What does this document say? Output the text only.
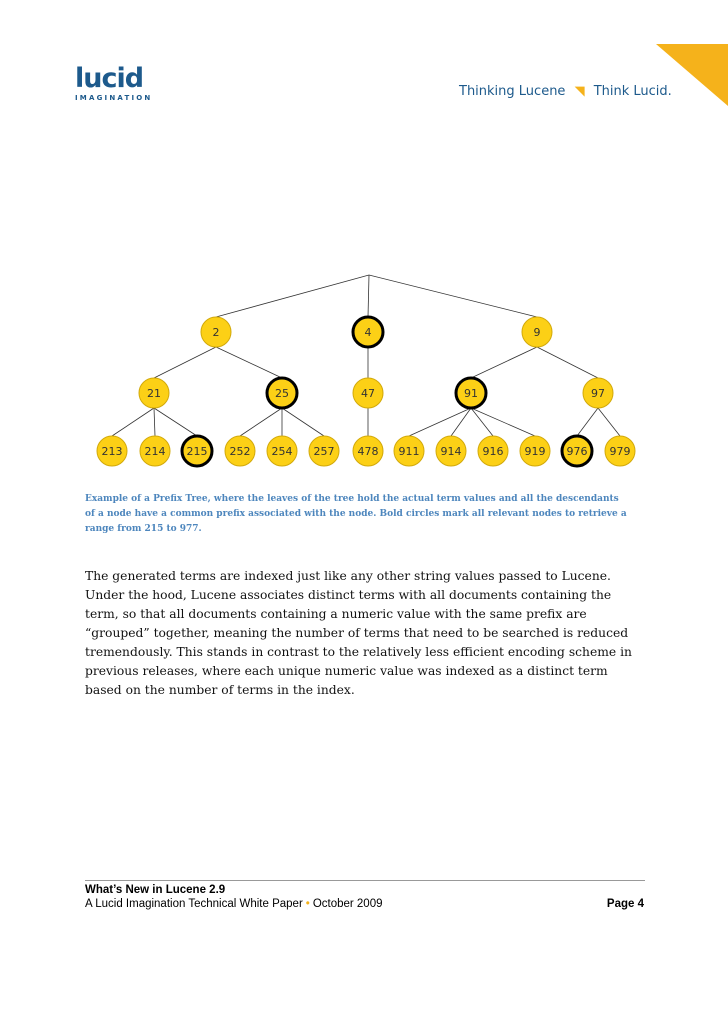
lucid
IMAGINATION	Thinking Lucene ◥ Think Lucid.
2	4	9
21	25	47	91	97
213 214 215 252 254 257 478 911 914 916 919 976 979

Example of a Prefix Tree, where the leaves of the tree hold the actual term values and all the descendants of a node have a common prefix associated with the node. Bold circles mark all relevant nodes to retrieve a range from 215 to 977.

The generated terms are indexed just like any other string values passed to Lucene. Under the hood, Lucene associates distinct terms with all documents containing the term, so that all documents containing a numeric value with the same prefix are “grouped” together, meaning the number of terms that need to be searched is reduced tremendously. This stands in contrast to the relatively less efficient encoding scheme in previous releases, where each unique numeric value was indexed as a distinct term based on the number of terms in the index.

What’s New in Lucene 2.9
A Lucid Imagination Technical White Paper • October 2009	Page 4
